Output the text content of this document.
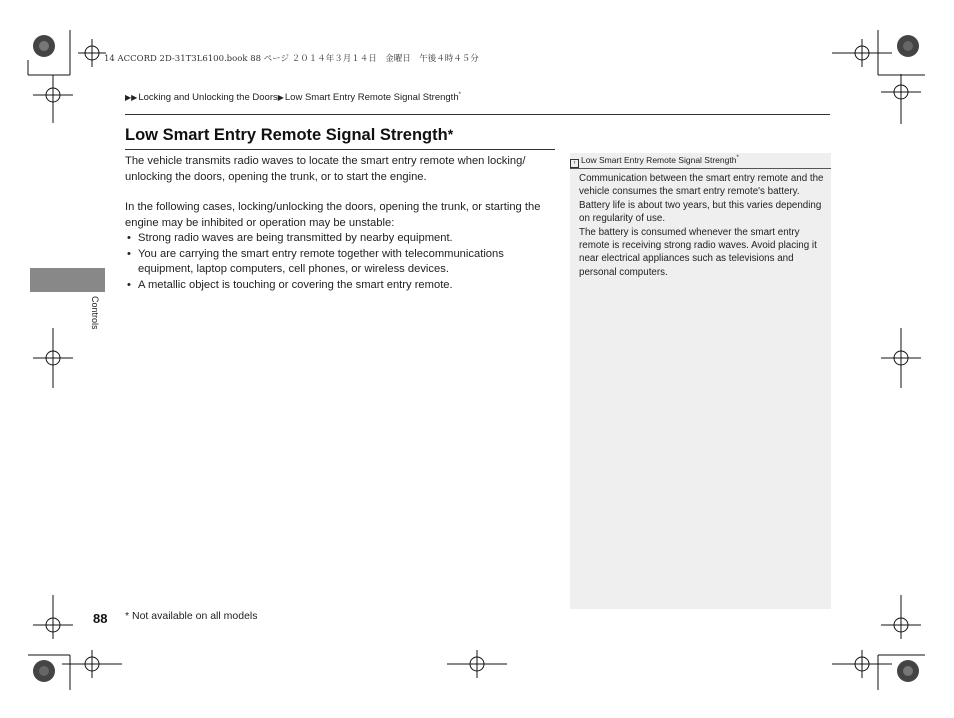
14 ACCORD 2D-31T3L6100.book 88 ページ ２０１４年３月１４日　金曜日　午後４時４５分
▶▶Locking and Unlocking the Doors▶Low Smart Entry Remote Signal Strength*
Low Smart Entry Remote Signal Strength*

The vehicle transmits radio waves to locate the smart entry remote when locking/ unlocking the doors, opening the trunk, or to start the engine.

In the following cases, locking/unlocking the doors, opening the trunk, or starting the engine may be inhibited or operation may be unstable:

• Strong radio waves are being transmitted by nearby equipment.
• You are carrying the smart entry remote together with telecommunications equipment, laptop computers, cell phones, or wireless devices.
• A metallic object is touching or covering the smart entry remote.
› Low Smart Entry Remote Signal Strength*

Communication between the smart entry remote and the vehicle consumes the smart entry remote's battery.

Battery life is about two years, but this varies depending on regularity of use.

The battery is consumed whenever the smart entry remote is receiving strong radio waves. Avoid placing it near electrical appliances such as televisions and personal computers.

Controls
88 * Not available on all models
